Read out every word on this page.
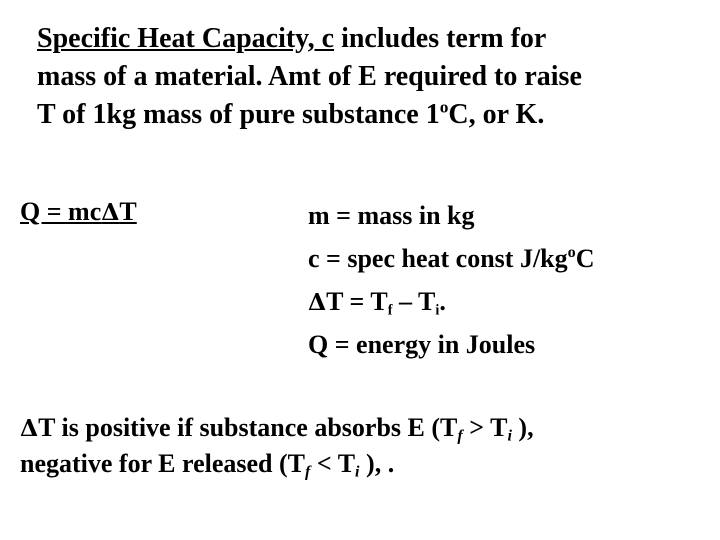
Specific Heat Capacity, c includes term for
mass of a material. Amt of E required to raise
T of 1kg mass of pure substance 1$^o$C, or K.
Q = mcΔT	m = mass in kg
c = spec heat const $J/kg^oC$
ΔT = Tf – Ti.
Q = energy in Joules
ΔT is positive if substance absorbs E ($T_f > T_i$ ),
negative for E released ($T_f < T_i$ ), .
